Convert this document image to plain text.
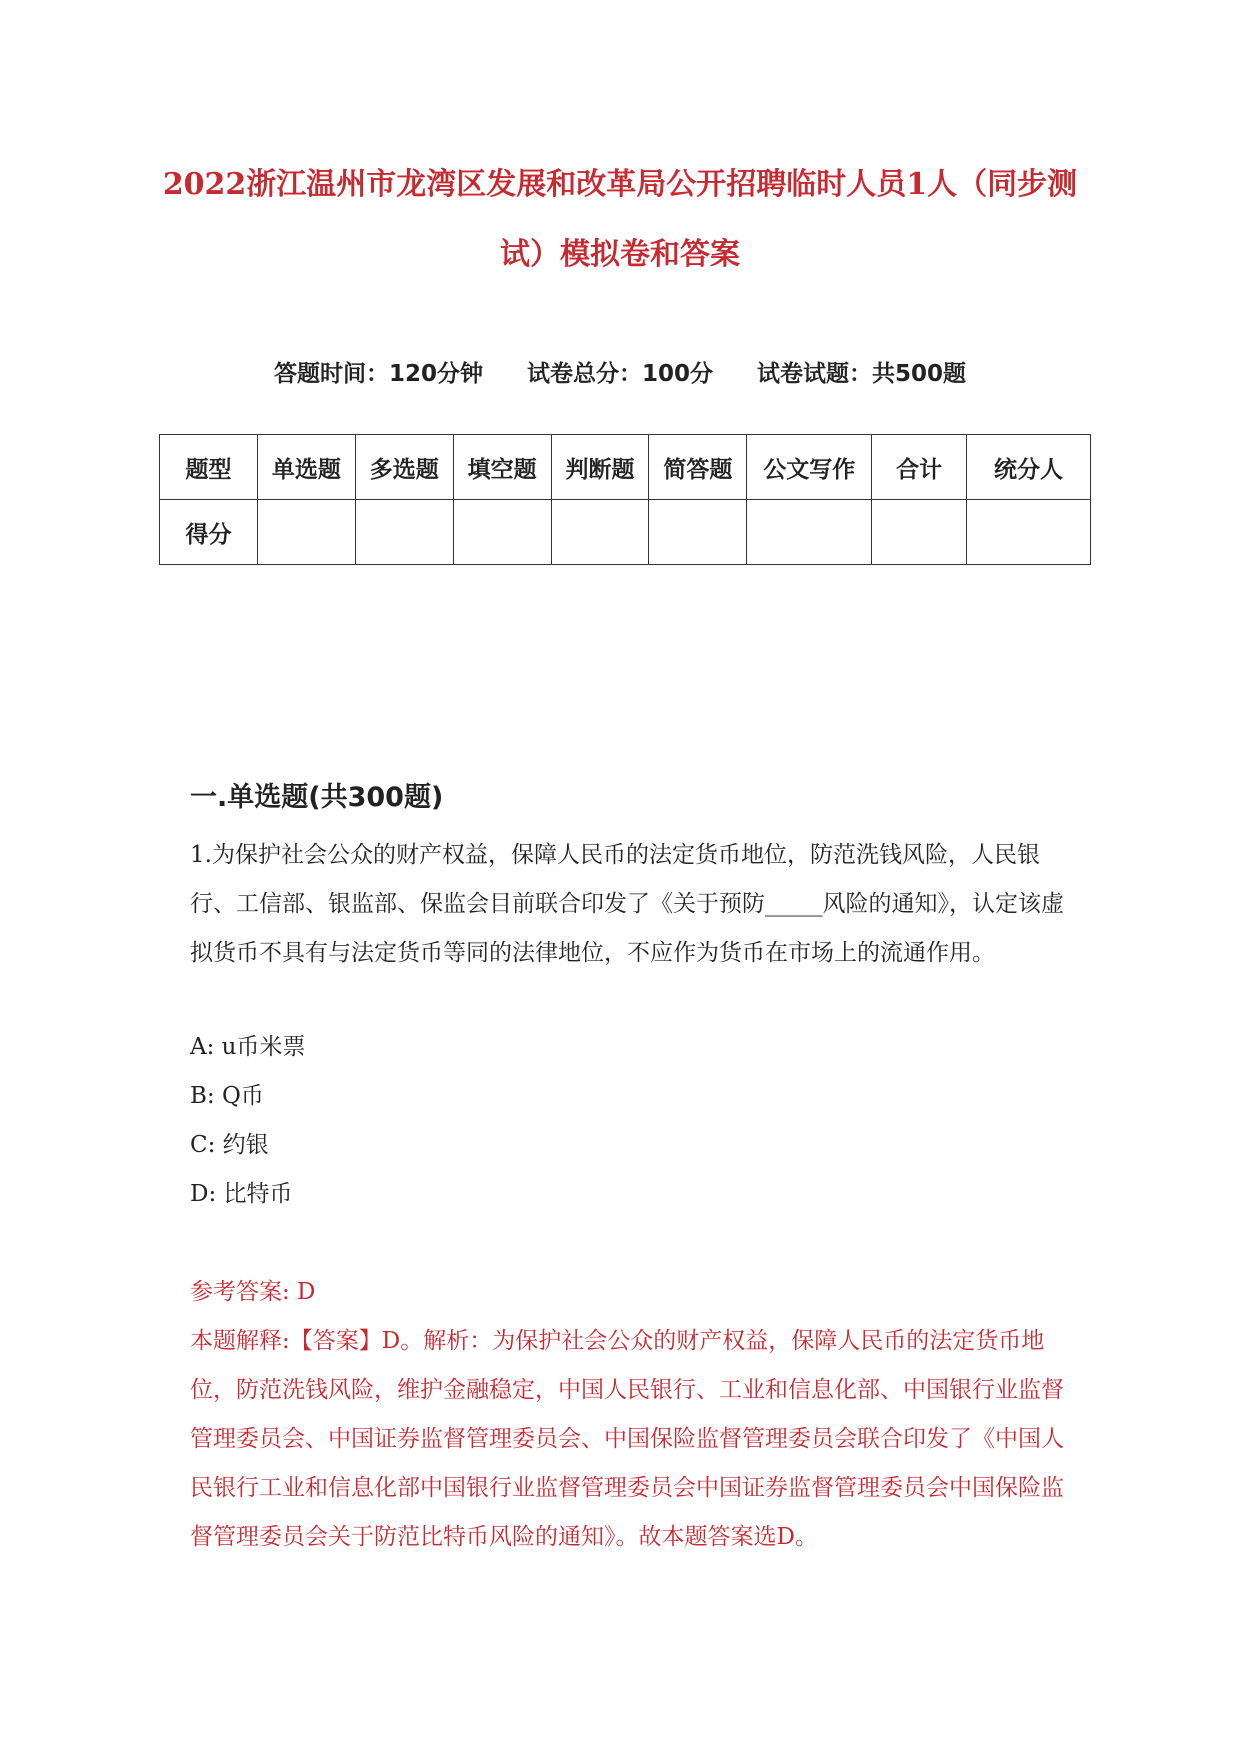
2022浙江温州市龙湾区发展和改革局公开招聘临时人员1人（同步测试）模拟卷和答案
答题时间：120分钟 试卷总分：100分 试卷试题：共500题
题型	单选题	多选题	填空题	判断题	简答题	公文写作	合计	统分人
得分								
一.单选题(共300题)
1.为保护社会公众的财产权益，保障人民币的法定货币地位，防范洗钱风险，人民银行、工信部、银监部、保监会目前联合印发了《关于预防_____风险的通知》，认定该虚拟货币不具有与法定货币等同的法律地位，不应作为货币在市场上的流通作用。
A: u币米票
B: Q币
C: 约银
D: 比特币
参考答案: D
本题解释:【答案】D。解析：为保护社会公众的财产权益，保障人民币的法定货币地位，防范洗钱风险，维护金融稳定，中国人民银行、工业和信息化部、中国银行业监督管理委员会、中国证券监督管理委员会、中国保险监督管理委员会联合印发了《中国人民银行工业和信息化部中国银行业监督管理委员会中国证券监督管理委员会中国保险监督管理委员会关于防范比特币风险的通知》。故本题答案选D。
